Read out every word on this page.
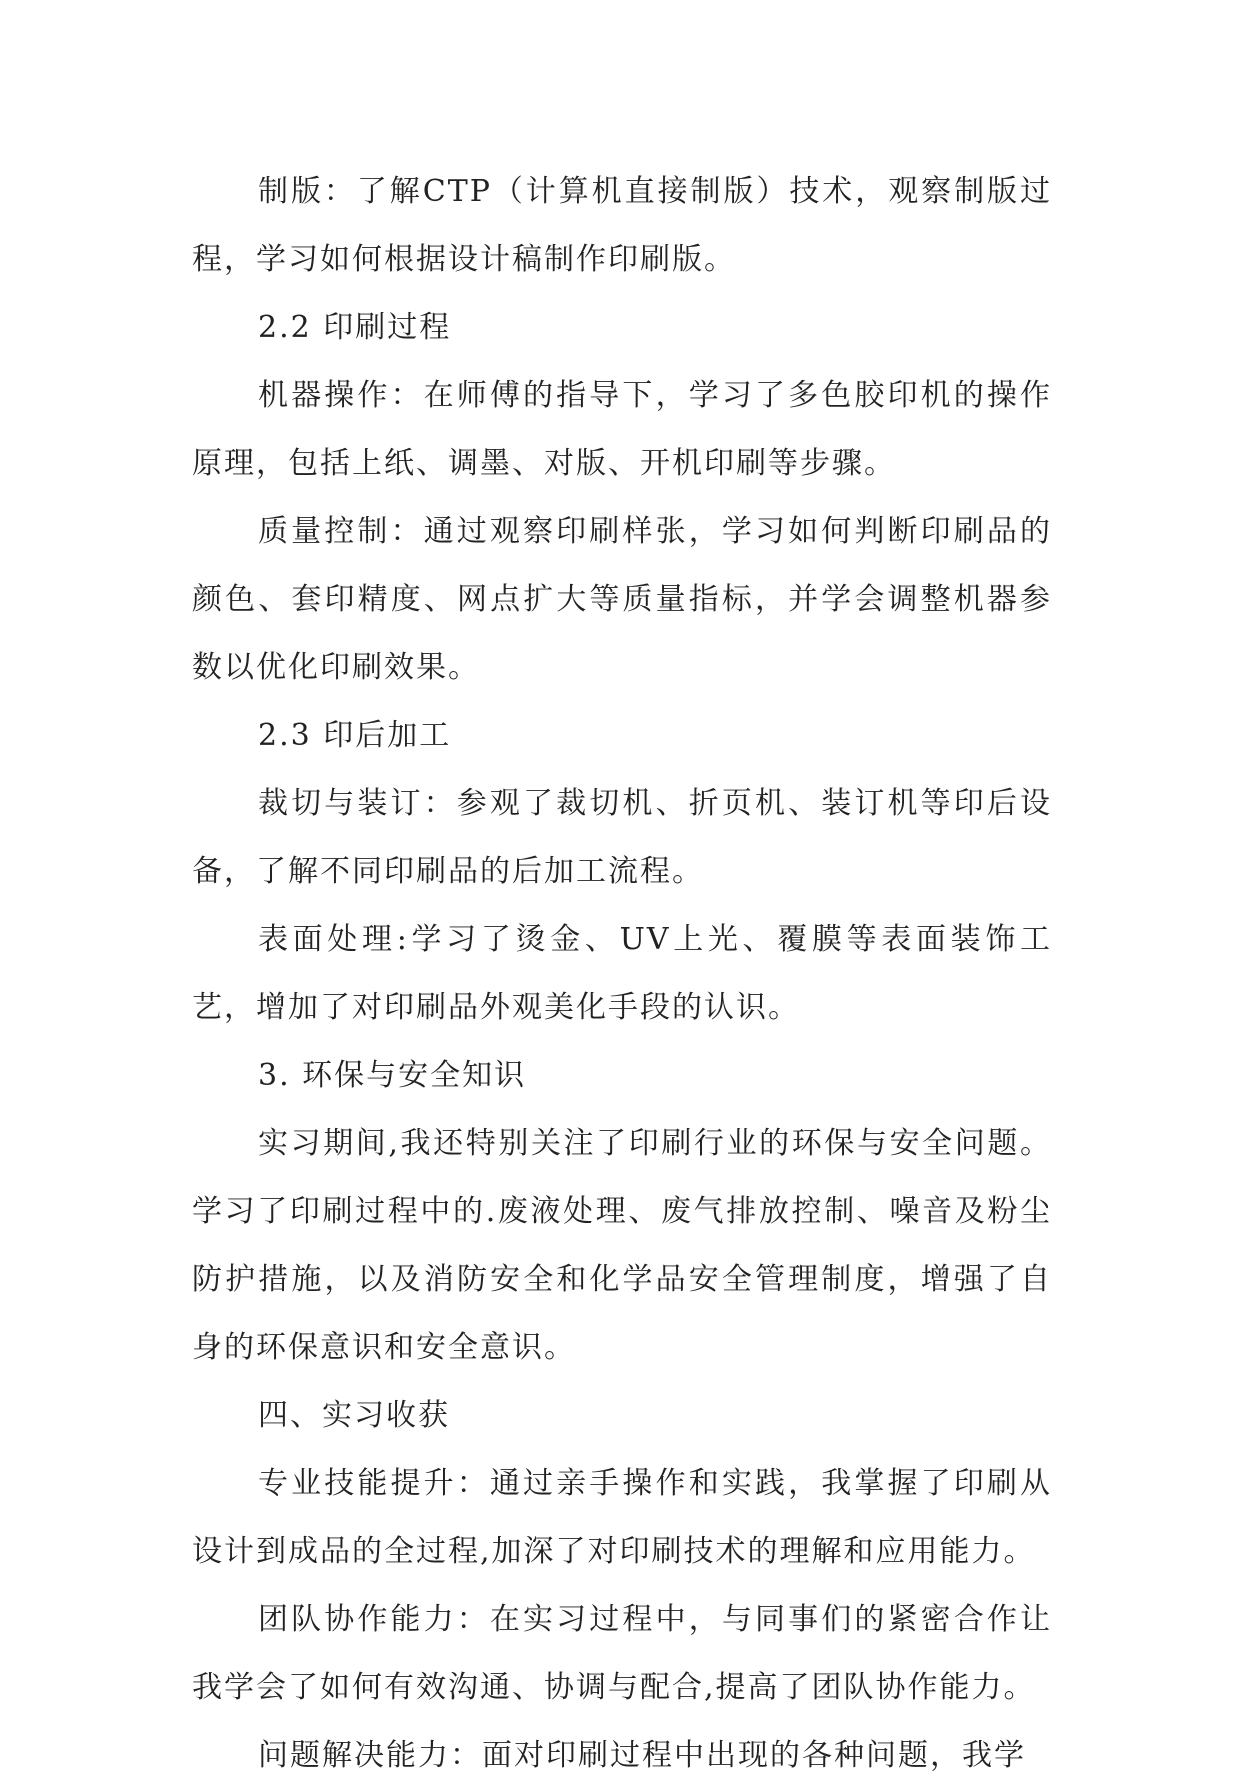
制版：了解CTP（计算机直接制版）技术，观察制版过程，学习如何根据设计稿制作印刷版。

2.2 印刷过程

机器操作：在师傅的指导下，学习了多色胶印机的操作原理，包括上纸、调墨、对版、开机印刷等步骤。

质量控制：通过观察印刷样张，学习如何判断印刷品的颜色、套印精度、网点扩大等质量指标，并学会调整机器参数以优化印刷效果。

2.3 印后加工

裁切与装订：参观了裁切机、折页机、装订机等印后设备，了解不同印刷品的后加工流程。

表面处理:学习了烫金、UV上光、覆膜等表面装饰工艺，增加了对印刷品外观美化手段的认识。

3. 环保与安全知识

实习期间,我还特别关注了印刷行业的环保与安全问题。学习了印刷过程中的.废液处理、废气排放控制、噪音及粉尘防护措施，以及消防安全和化学品安全管理制度，增强了自身的环保意识和安全意识。

四、实习收获

专业技能提升：通过亲手操作和实践，我掌握了印刷从设计到成品的全过程,加深了对印刷技术的理解和应用能力。

团队协作能力：在实习过程中，与同事们的紧密合作让我学会了如何有效沟通、协调与配合,提高了团队协作能力。

问题解决能力：面对印刷过程中出现的各种问题，我学
